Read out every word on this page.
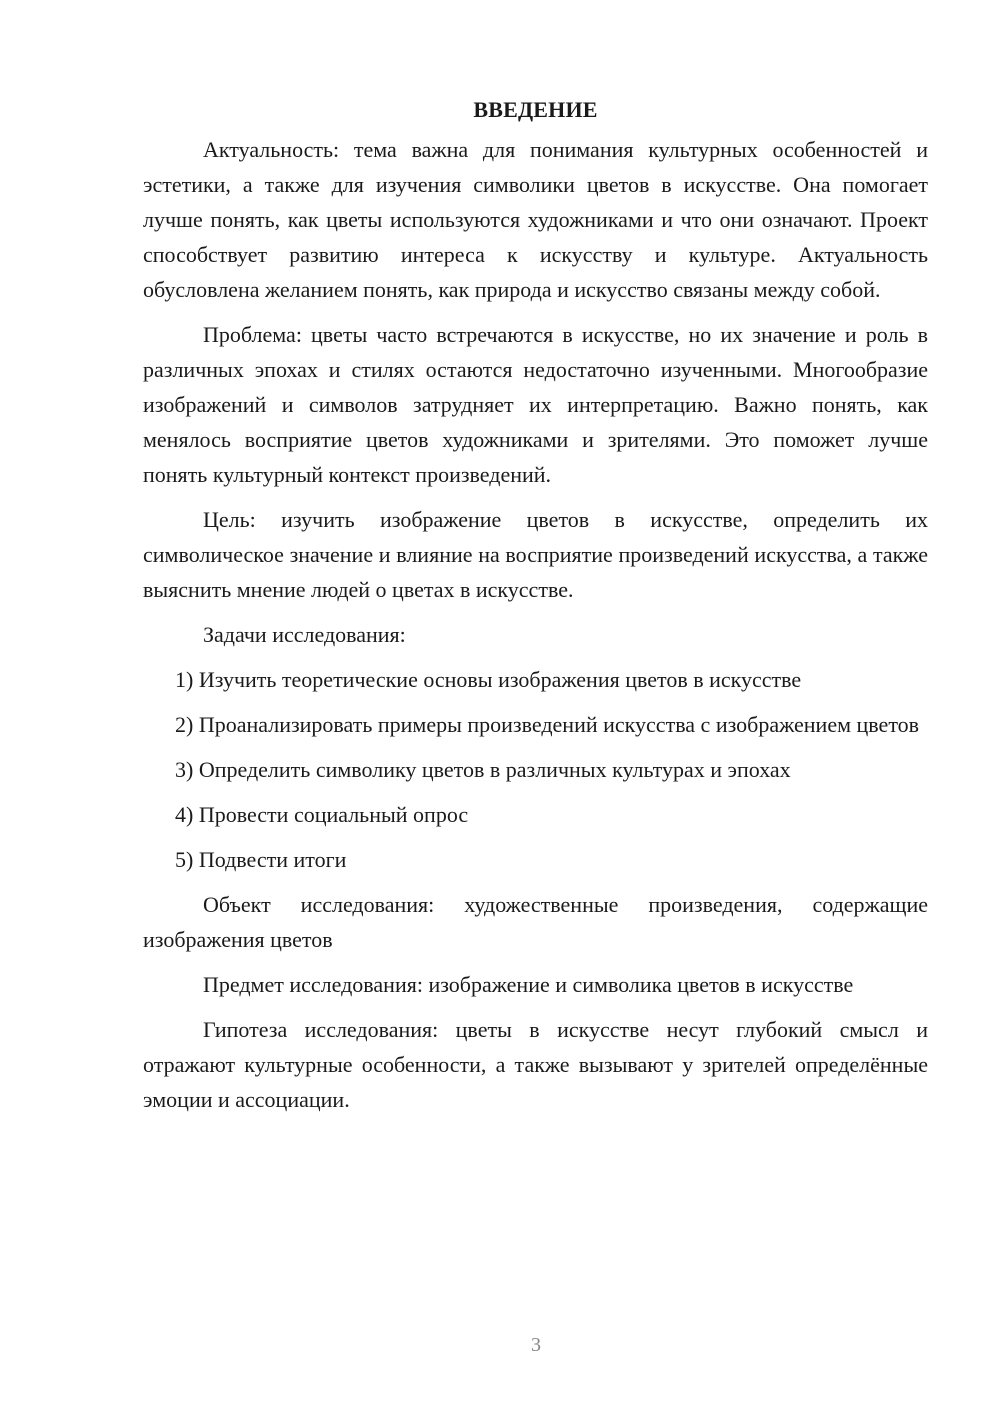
ВВЕДЕНИЕ

Актуальность: тема важна для понимания культурных особенностей и эстетики, а также для изучения символики цветов в искусстве. Она помогает лучше понять, как цветы используются художниками и что они означают. Проект способствует развитию интереса к искусству и культуре. Актуальность обусловлена желанием понять, как природа и искусство связаны между собой.

Проблема: цветы часто встречаются в искусстве, но их значение и роль в различных эпохах и стилях остаются недостаточно изученными. Многообразие изображений и символов затрудняет их интерпретацию. Важно понять, как менялось восприятие цветов художниками и зрителями. Это поможет лучше понять культурный контекст произведений.

Цель: изучить изображение цветов в искусстве, определить их символическое значение и влияние на восприятие произведений искусства, а также выяснить мнение людей о цветах в искусстве.

Задачи исследования:

1) Изучить теоретические основы изображения цветов в искусстве

2) Проанализировать примеры произведений искусства с изображением цветов

3) Определить символику цветов в различных культурах и эпохах

4) Провести социальный опрос

5) Подвести итоги

Объект исследования: художественные произведения, содержащие изображения цветов

Предмет исследования: изображение и символика цветов в искусстве

Гипотеза исследования: цветы в искусстве несут глубокий смысл и отражают культурные особенности, а также вызывают у зрителей определённые эмоции и ассоциации.

3
